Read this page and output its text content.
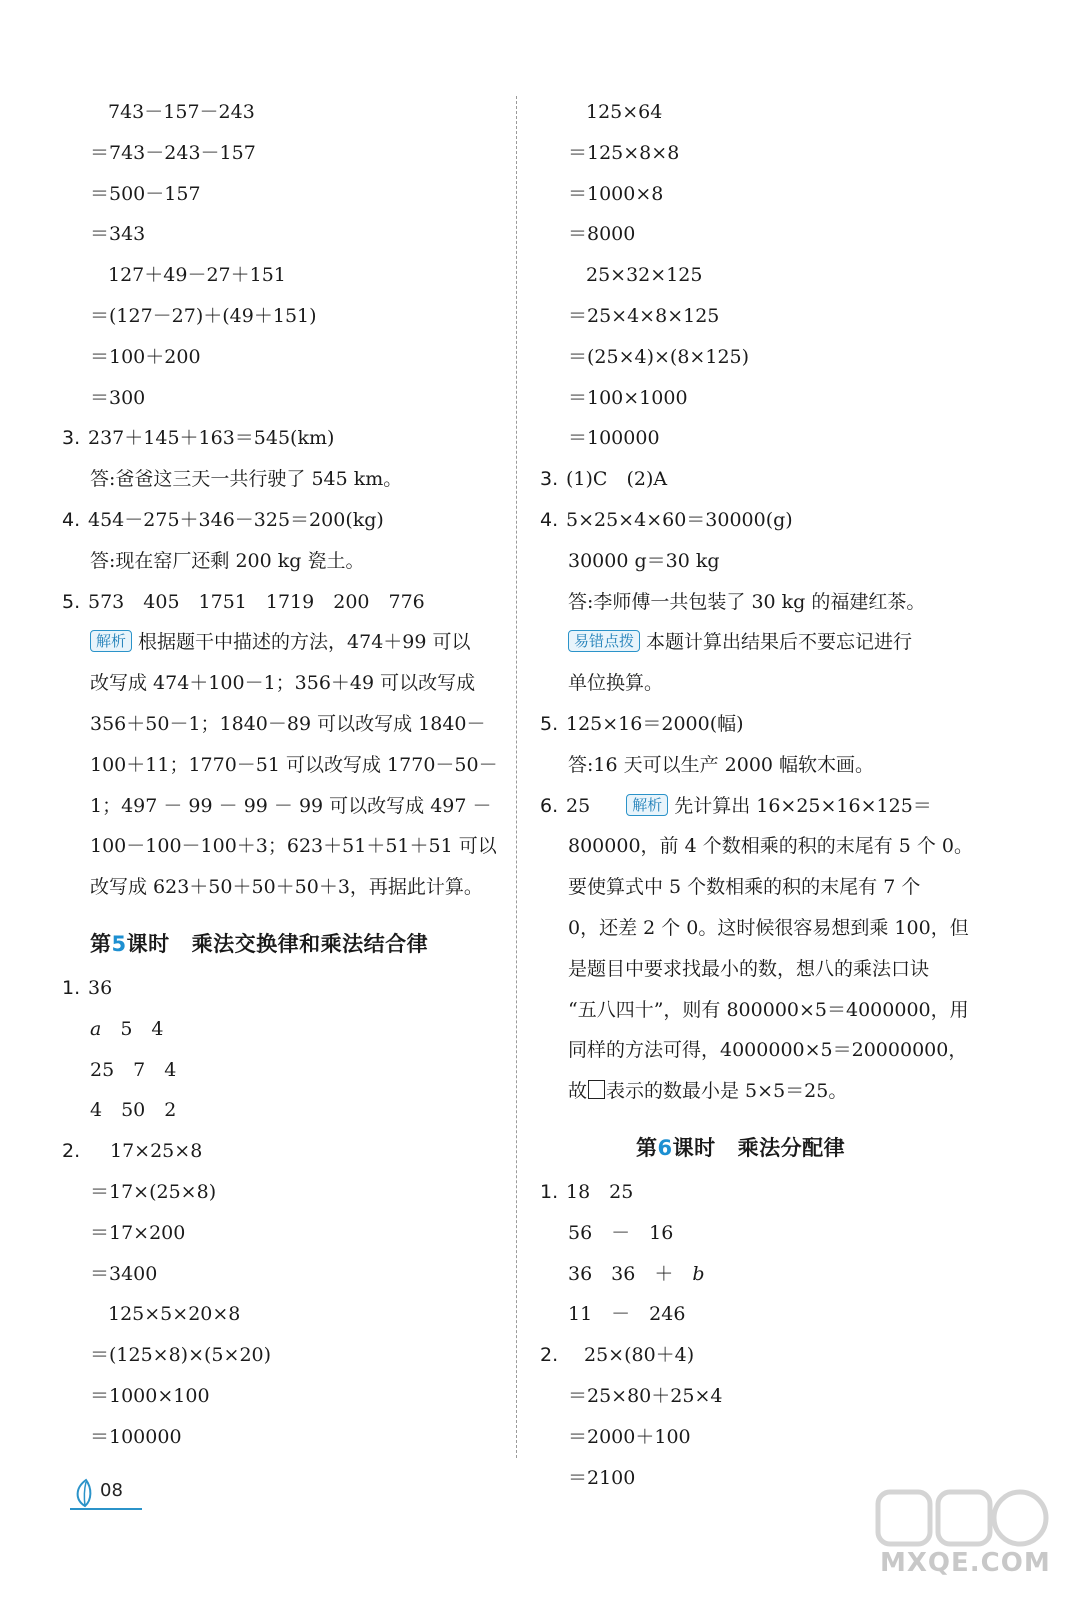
743－157－243
＝743－243－157
＝500－157
＝343
127＋49－27＋151
＝(127－27)＋(49＋151)
＝100＋200
＝300
3. 237＋145＋163＝545(km)
答:爸爸这三天一共行驶了 545 km。
4. 454－275＋346－325＝200(kg)
答:现在窑厂还剩 200 kg 瓷土。
5. 573　405　1751　1719　200　776
解析 根据题干中描述的方法，474＋99 可以
改写成 474＋100－1；356＋49 可以改写成
356＋50－1；1840－89 可以改写成 1840－
100＋11；1770－51 可以改写成 1770－50－
1；497 － 99 － 99 － 99 可以改写成 497 －
100－100－100＋3；623＋51＋51＋51 可以
改写成 623＋50＋50＋50＋3，再据此计算。
第5课时 乘法交换律和乘法结合律
1. 36
𝑎　5　4
25　7　4
4　50　2
2. 17×25×8
＝17×(25×8)
＝17×200
＝3400
125×5×20×8
＝(125×8)×(5×20)
＝1000×100
＝100000
125×64
＝125×8×8
＝1000×8
＝8000
25×32×125
＝25×4×8×125
＝(25×4)×(8×125)
＝100×1000
＝100000
3. (1)C　(2)A
4. 5×25×4×60＝30000(g)
30000 g＝30 kg
答:李师傅一共包装了 30 kg 的福建红茶。
易错点拨 本题计算出结果后不要忘记进行
单位换算。
5. 125×16＝2000(幅)
答:16 天可以生产 2000 幅软木画。
6. 25	解析 先计算出 16×25×16×125＝
800000，前 4 个数相乘的积的末尾有 5 个 0。
要使算式中 5 个数相乘的积的末尾有 7 个
0，还差 2 个 0。这时候很容易想到乘 100，但
是题目中要求找最小的数，想八的乘法口诀
“五八四十”，则有 800000×5＝4000000，用
同样的方法可得，4000000×5＝20000000，
故 表示的数最小是 5×5＝25。
第6课时 乘法分配律
1. 18　25
56　－　16
36　36　＋　𝑏
11　－　246
2. 25×(80＋4)
＝25×80＋25×4
＝2000＋100
＝2100
08
MXQE.COM
